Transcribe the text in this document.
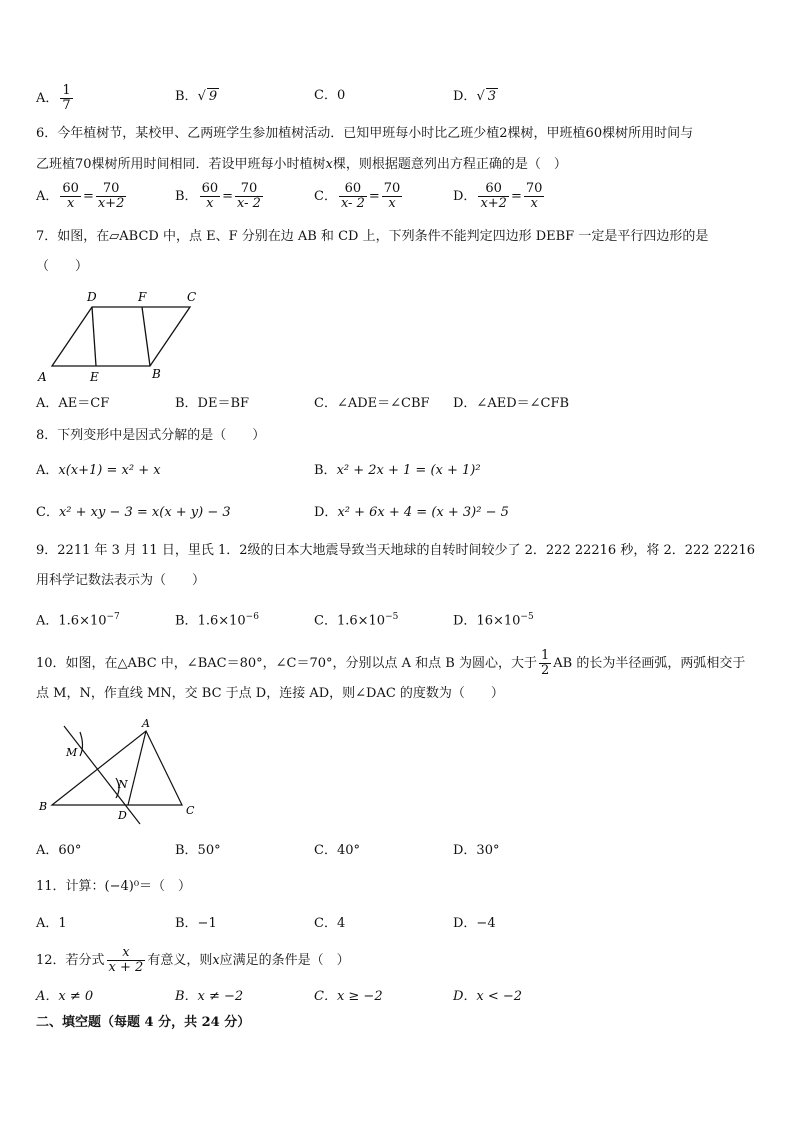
A． $\frac{1}{7}$	B．√ 9	C．0	D．√ 3
6．今年植树节，某校甲、乙两班学生参加植树活动．已知甲班每小时比乙班少植2棵树，甲班植60棵树所用时间与
乙班植70棵树所用时间相同．若设甲班每小时植树x棵，则根据题意列出方程正确的是（　）
A． $\frac{60}{x} = \frac{70}{x+2}$	B． $\frac{60}{x} = \frac{70}{x- 2}$	C． $\frac{60}{x- 2} = \frac{70}{x}$	D． $\frac{60}{x+2} = \frac{70}{x}$
7．如图，在▱ABCD 中，点 E、F 分别在边 AB 和 CD 上，下列条件不能判定四边形 DEBF 一定是平行四边形的是
（　　）
A	E	B
D	F	C
A．AE＝CF	B．DE＝BF	C．∠ADE＝∠CBF D．∠AED＝∠CFB
8．下列变形中是因式分解的是（　　）
A．x(x+1) = x² + x	B．x² + 2x + 1 = (x + 1)²
C．x² + xy − 3 = x(x + y) − 3	D．x² + 6x + 4 = (x + 3)² − 5
9．2211 年 3 月 11 日，里氏 1．2级的日本大地震导致当天地球的自转时间较少了 2．222 22216 秒，将 2．222 22216
用科学记数法表示为（　　）
A．$1.6\times 10^{-7}$	B．$1.6\times 10^{-6}$	C．$1.6\times 10^{-5}$	D．$16\times 10^{-5}$
10．如图，在△ABC 中，∠BAC＝80°，∠C＝70°，分别以点 A 和点 B 为圆心，大于 $\frac{1}{2}$ AB 的长为半径画弧，两弧相交于
点 M，N，作直线 MN，交 BC 于点 D，连接 AD，则∠DAC 的度数为（　　）
A
B	C
D
M
N
A．60°	B．50°	C．40°	D．30°
11．计算：(−4)⁰＝（　）
A．1	B．−1	C．4	D．−4
12．若分式 $\frac{x}{x + 2}$ 有意义，则x应满足的条件是（　）
A．x ≠ 0	B．x ≠ −2	C．x ≥ −2	D．x < −2
二、填空题（每题 4 分，共 24 分）
